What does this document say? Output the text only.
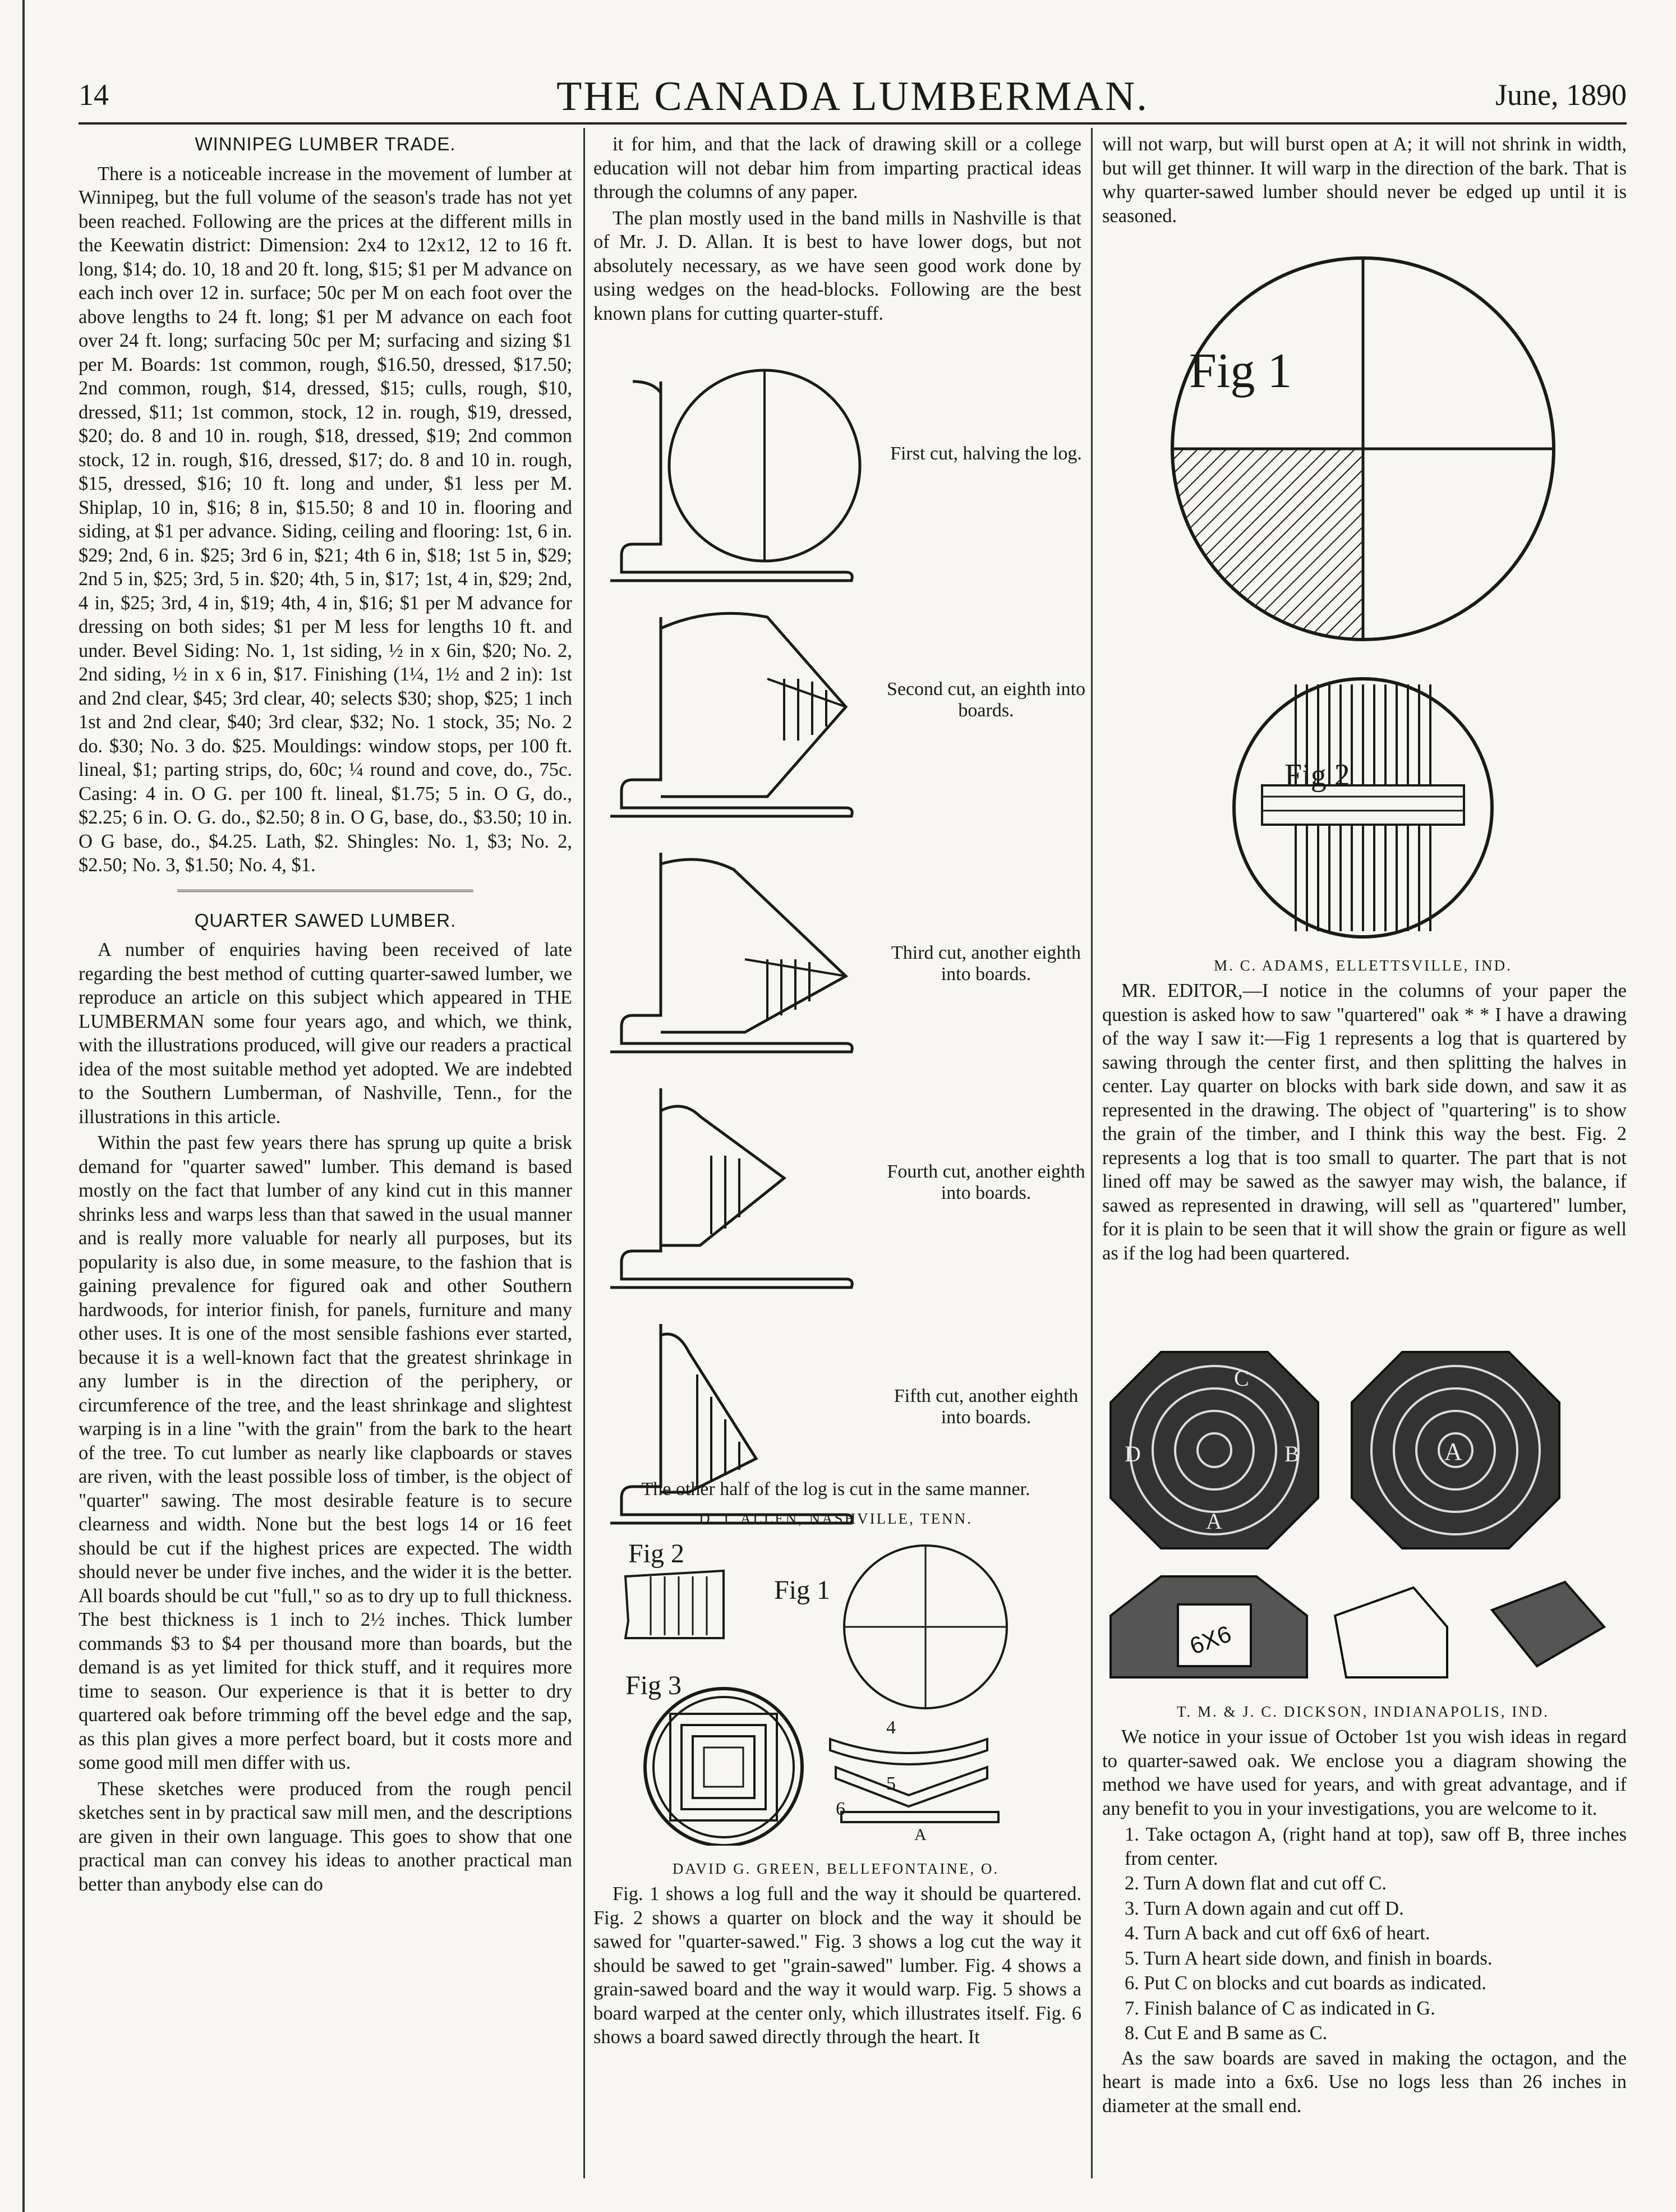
14	THE CANADA LUMBERMAN.	June, 1890
WINNIPEG LUMBER TRADE.

There is a noticeable increase in the movement of lumber at Winnipeg, but the full volume of the season's trade has not yet been reached. Following are the prices at the different mills in the Keewatin district: Dimension: 2x4 to 12x12, 12 to 16 ft. long, $14; do. 10, 18 and 20 ft. long, $15; $1 per M advance on each inch over 12 in. surface; 50c per M on each foot over the above lengths to 24 ft. long; $1 per M advance on each foot over 24 ft. long; surfacing 50c per M; surfacing and sizing $1 per M. Boards: 1st common, rough, $16.50, dressed, $17.50; 2nd common, rough, $14, dressed, $15; culls, rough, $10, dressed, $11; 1st common, stock, 12 in. rough, $19, dressed, $20; do. 8 and 10 in. rough, $18, dressed, $19; 2nd common stock, 12 in. rough, $16, dressed, $17; do. 8 and 10 in. rough, $15, dressed, $16; 10 ft. long and under, $1 less per M. Shiplap, 10 in, $16; 8 in, $15.50; 8 and 10 in. flooring and siding, at $1 per advance. Siding, ceiling and flooring: 1st, 6 in. $29; 2nd, 6 in. $25; 3rd 6 in, $21; 4th 6 in, $18; 1st 5 in, $29; 2nd 5 in, $25; 3rd, 5 in. $20; 4th, 5 in, $17; 1st, 4 in, $29; 2nd, 4 in, $25; 3rd, 4 in, $19; 4th, 4 in, $16; $1 per M advance for dressing on both sides; $1 per M less for lengths 10 ft. and under. Bevel Siding: No. 1, 1st siding, ½ in x 6in, $20; No. 2, 2nd siding, ½ in x 6 in, $17. Finishing (1¼, 1½ and 2 in): 1st and 2nd clear, $45; 3rd clear, 40; selects $30; shop, $25; 1 inch 1st and 2nd clear, $40; 3rd clear, $32; No. 1 stock, 35; No. 2 do. $30; No. 3 do. $25. Mouldings: window stops, per 100 ft. lineal, $1; parting strips, do, 60c; ¼ round and cove, do., 75c. Casing: 4 in. O G. per 100 ft. lineal, $1.75; 5 in. O G, do., $2.25; 6 in. O. G. do., $2.50; 8 in. O G, base, do., $3.50; 10 in. O G base, do., $4.25. Lath, $2. Shingles: No. 1, $3; No. 2, $2.50; No. 3, $1.50; No. 4, $1.

QUARTER SAWED LUMBER.

A number of enquiries having been received of late regarding the best method of cutting quarter-sawed lumber, we reproduce an article on this subject which appeared in THE LUMBERMAN some four years ago, and which, we think, with the illustrations produced, will give our readers a practical idea of the most suitable method yet adopted. We are indebted to the Southern Lumberman, of Nashville, Tenn., for the illustrations in this article.

Within the past few years there has sprung up quite a brisk demand for "quarter sawed" lumber. This demand is based mostly on the fact that lumber of any kind cut in this manner shrinks less and warps less than that sawed in the usual manner and is really more valuable for nearly all purposes, but its popularity is also due, in some measure, to the fashion that is gaining prevalence for figured oak and other Southern hardwoods, for interior finish, for panels, furniture and many other uses. It is one of the most sensible fashions ever started, because it is a well-known fact that the greatest shrinkage in any lumber is in the direction of the periphery, or circumference of the tree, and the least shrinkage and slightest warping is in a line "with the grain" from the bark to the heart of the tree. To cut lumber as nearly like clapboards or staves are riven, with the least possible loss of timber, is the object of "quarter" sawing. The most desirable feature is to secure clearness and width. None but the best logs 14 or 16 feet should be cut if the highest prices are expected. The width should never be under five inches, and the wider it is the better. All boards should be cut "full," so as to dry up to full thickness. The best thickness is 1 inch to 2½ inches. Thick lumber commands $3 to $4 per thousand more than boards, but the demand is as yet limited for thick stuff, and it requires more time to season. Our experience is that it is better to dry quartered oak before trimming off the bevel edge and the sap, as this plan gives a more perfect board, but it costs more and some good mill men differ with us.

These sketches were produced from the rough pencil sketches sent in by practical saw mill men, and the descriptions are given in their own language. This goes to show that one practical man can convey his ideas to another practical man better than anybody else can do

it for him, and that the lack of drawing skill or a college education will not debar him from imparting practical ideas through the columns of any paper.

The plan mostly used in the band mills in Nashville is that of Mr. J. D. Allan. It is best to have lower dogs, but not absolutely necessary, as we have seen good work done by using wedges on the head-blocks. Following are the best known plans for cutting quarter-stuff.

First cut, halving the log.
Second cut, an eighth into boards.
Third cut, another eighth into boards.
Fourth cut, another eighth into boards.
Fifth cut, another eighth into boards.
The other half of the log is cut in the same manner.
D. J. ALLEN, NASHVILLE, TENN.
Fig 2
Fig 1
Fig 3
4
5
6
A
DAVID G. GREEN, BELLEFONTAINE, O.

Fig. 1 shows a log full and the way it should be quartered. Fig. 2 shows a quarter on block and the way it should be sawed for "quarter-sawed." Fig. 3 shows a log cut the way it should be sawed to get "grain-sawed" lumber. Fig. 4 shows a grain-sawed board and the way it would warp. Fig. 5 shows a board warped at the center only, which illustrates itself. Fig. 6 shows a board sawed directly through the heart. It

will not warp, but will burst open at A; it will not shrink in width, but will get thinner. It will warp in the direction of the bark. That is why quarter-sawed lumber should never be edged up until it is seasoned.

Fig 1
Fig 2
M. C. ADAMS, ELLETTSVILLE, IND.

MR. EDITOR,—I notice in the columns of your paper the question is asked how to saw "quartered" oak * * I have a drawing of the way I saw it:—Fig 1 represents a log that is quartered by sawing through the center first, and then splitting the halves in center. Lay quarter on blocks with bark side down, and saw it as represented in the drawing. The object of "quartering" is to show the grain of the timber, and I think this way the best. Fig. 2 represents a log that is too small to quarter. The part that is not lined off may be sawed as the sawyer may wish, the balance, if sawed as represented in drawing, will sell as "quartered" lumber, for it is plain to be seen that it will show the grain or figure as well as if the log had been quartered.

C
D	B
A
A
6X6
T. M. & J. C. DICKSON, INDIANAPOLIS, IND.

We notice in your issue of October 1st you wish ideas in regard to quarter-sawed oak. We enclose you a diagram showing the method we have used for years, and with great advantage, and if any benefit to you in your investigations, you are welcome to it.

1. Take octagon A, (right hand at top), saw off B, three inches from center.

2. Turn A down flat and cut off C.

3. Turn A down again and cut off D.

4. Turn A back and cut off 6x6 of heart.

5. Turn A heart side down, and finish in boards.

6. Put C on blocks and cut boards as indicated.

7. Finish balance of C as indicated in G.

8. Cut E and B same as C.

As the saw boards are saved in making the octagon, and the heart is made into a 6x6. Use no logs less than 26 inches in diameter at the small end.
